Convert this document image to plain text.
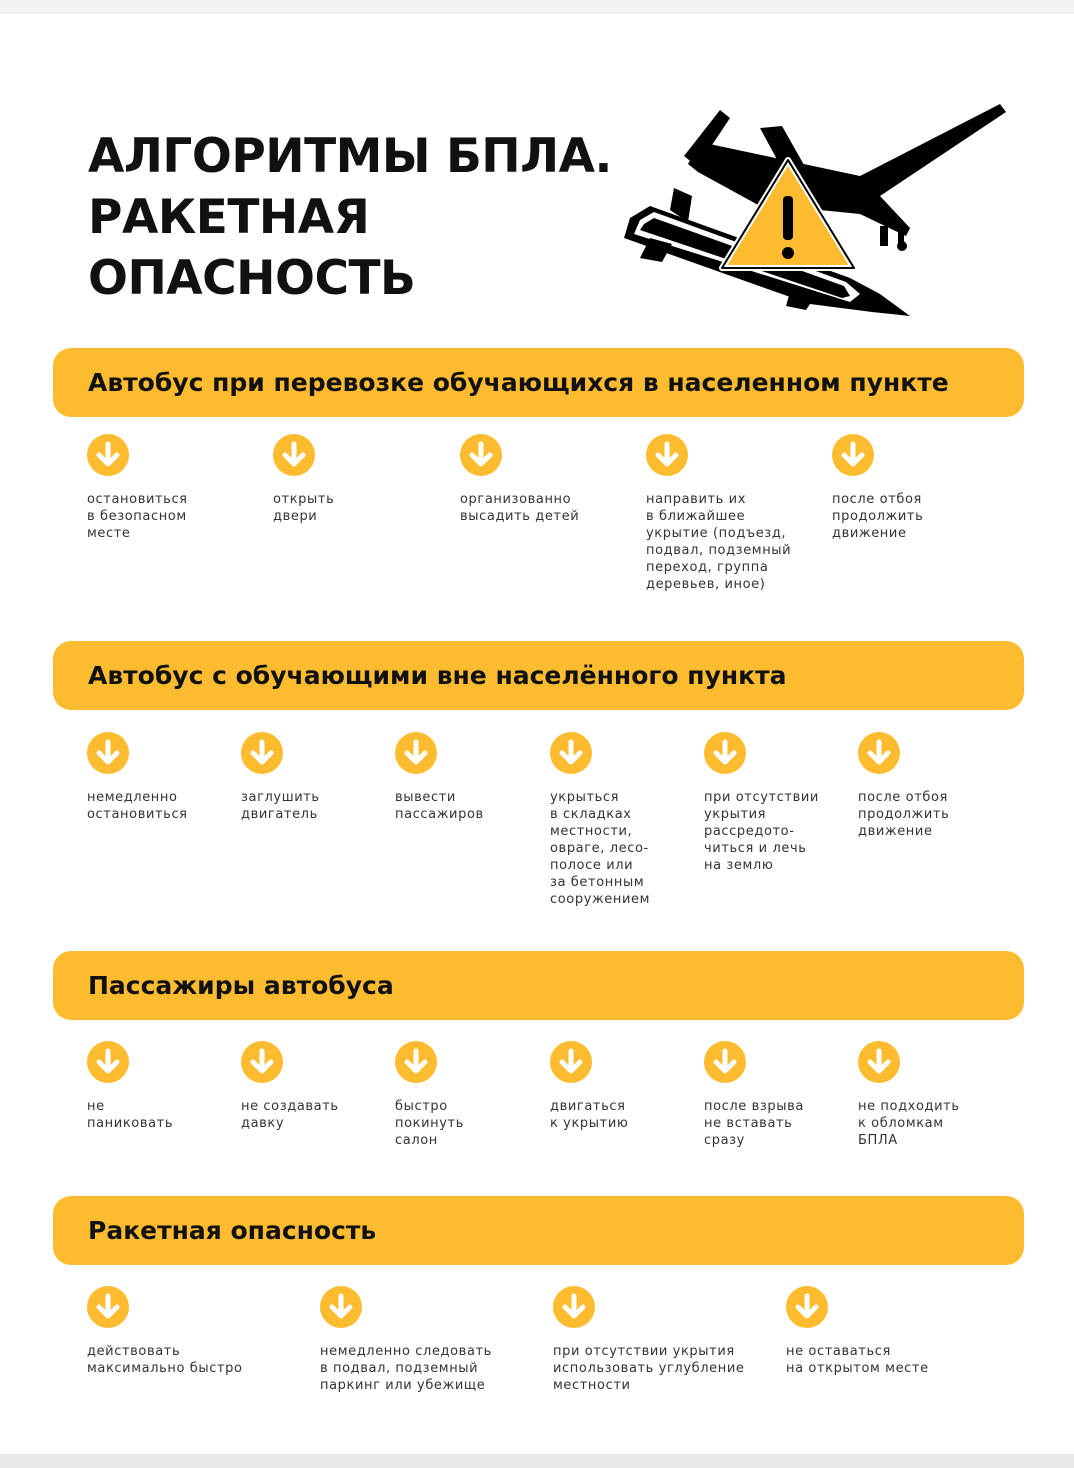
АЛГОРИТМЫ БПЛА.
РАКЕТНАЯ
ОПАСНОСТЬ
Автобус при перевозке обучающихся в населенном пункте
остановиться
в безопасном
месте
открыть
двери
организованно
высадить детей
направить их
в ближайшее
укрытие (подъезд,
подвал, подземный
переход, группа
деревьев, иное)
после отбоя
продолжить
движение
Автобус с обучающими вне населённого пункта
немедленно
остановиться
заглушить
двигатель
вывести
пассажиров
укрыться
в складках
местности,
овраге, лесо-
полосе или
за бетонным
сооружением
при отсутствии
укрытия
рассредото-
читься и лечь
на землю
после отбоя
продолжить
движение
Пассажиры автобуса
не
паниковать
не создавать
давку
быстро
покинуть
салон
двигаться
к укрытию
после взрыва
не вставать
сразу
не подходить
к обломкам
БПЛА
Ракетная опасность
действовать
максимально быстро
немедленно следовать
в подвал, подземный
паркинг или убежище
при отсутствии укрытия
использовать углубление
местности
не оставаться
на открытом месте
